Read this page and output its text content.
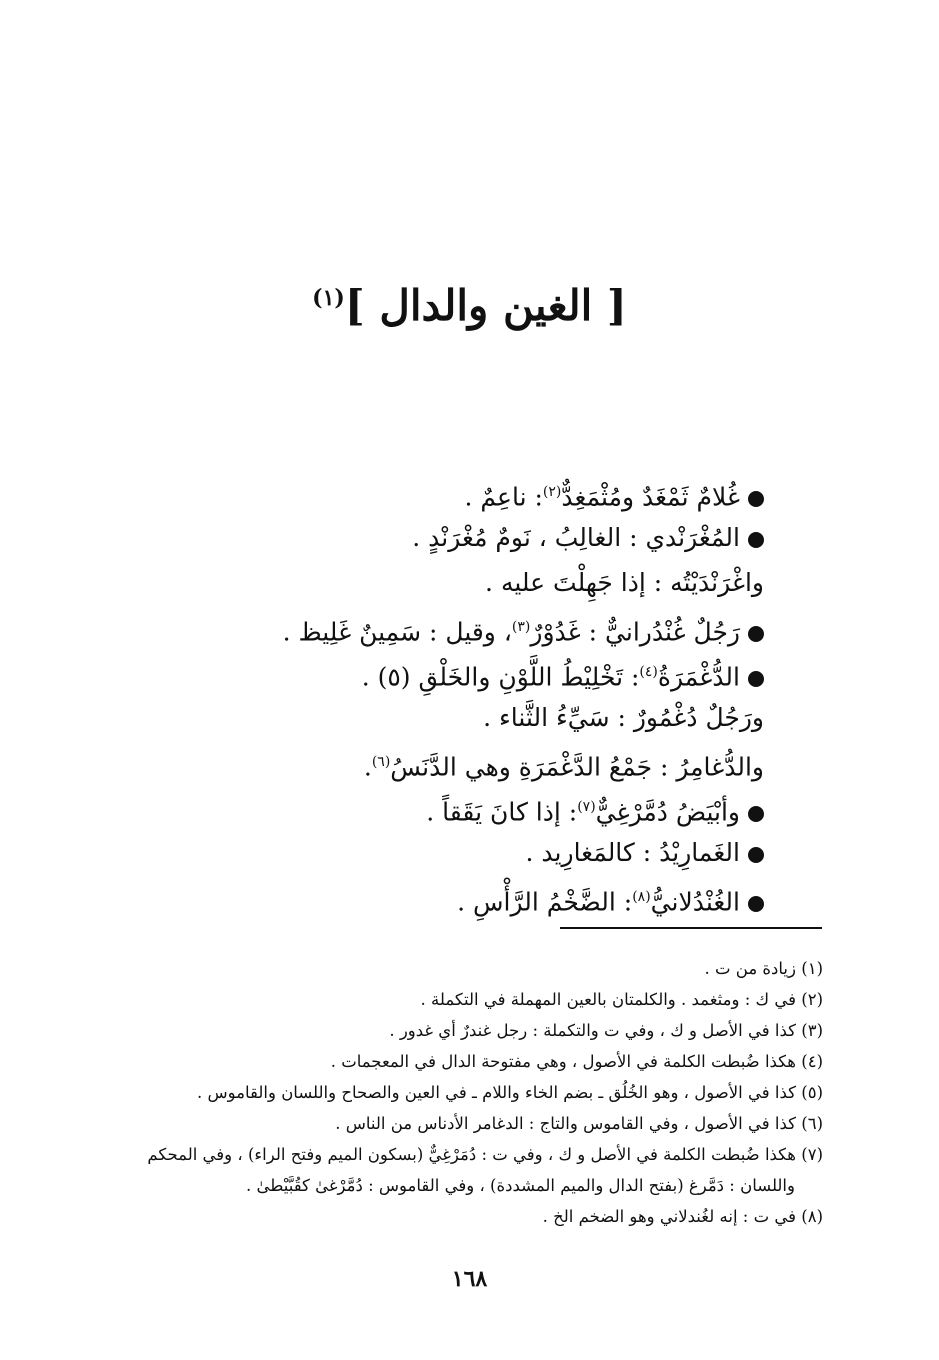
[ الغين والدال ]$^{(١)}$
غُلامٌ ثَمْغَدٌ ومُثْمَغِدٌّ$^{(٢)}$: ناعِمٌ .
المُغْرَنْدي : الغالِبُ ، نَومٌ مُغْرَنْدٍ .
واغْرَنْدَيْتُه : إذا جَهِلْتَ عليه .
رَجُلٌ غُنْدُرانيٌّ : غَدُوْرٌ$^{(٣)}$، وقيل : سَمِينٌ غَلِيظ .
الدُّغْمَرَةُ$^{(٤)}$: تَخْلِيْطُ اللَّوْنِ والخَلْقِ (٥) .
ورَجُلٌ دُغْمُورٌ : سَيِّءُ الثَّناء .
والدُّغامِرُ : جَمْعُ الدَّغْمَرَةِ وهي الدَّنَسُ$^{(٦)}$.
وأبْيَضُ دُمَّرْغِيٌّ$^{(٧)}$: إذا كانَ يَقَقاً .
الغَمارِيْدُ : كالمَغارِيد .
الغُنْدُلانيُّ$^{(٨)}$: الضَّخْمُ الرَّأْسِ .
(١) زيادة من ت .
(٢) في ك : ومثغمد . والكلمتان بالعين المهملة في التكملة .
(٣) كذا في الأصل و ك ، وفي ت والتكملة : رجل غندرٌ أي غدور .
(٤) هكذا ضُبطت الكلمة في الأصول ، وهي مفتوحة الدال في المعجمات .
(٥) كذا في الأصول ، وهو الخُلُق ـ بضم الخاء واللام ـ في العين والصحاح واللسان والقاموس .
(٦) كذا في الأصول ، وفي القاموس والتاج : الدغامر الأدناس من الناس .
(٧) هكذا ضُبطت الكلمة في الأصل و ك ، وفي ت : دُمَرْغِيٌّ (بسكون الميم وفتح الراء) ، وفي المحكم
واللسان : دَمَّرغ (بفتح الدال والميم المشددة) ، وفي القاموس : دُمَّرْغىٰ كقُبَّيْطىٰ .
(٨) في ت : إنه لغُندلاني وهو الضخم الخ .
١٦٨
